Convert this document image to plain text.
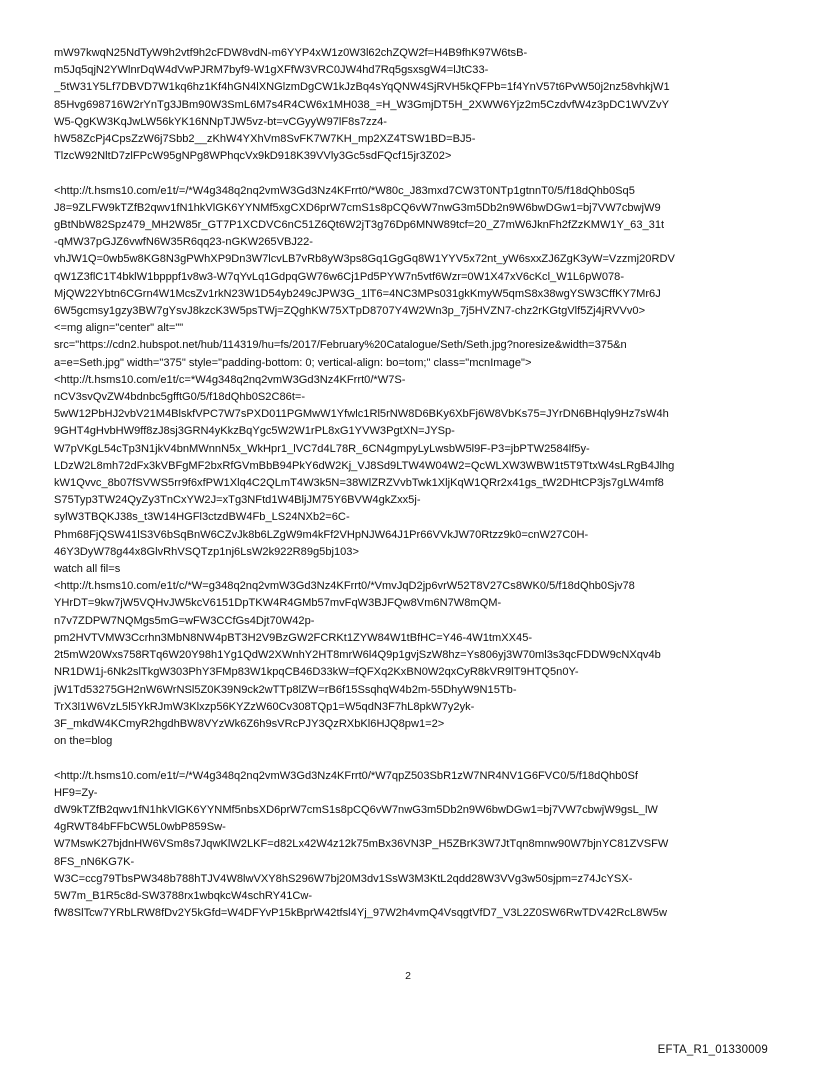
mW97kwqN25NdTyW9h2vtf9h2cFDW8vdN-m6YYP4xW1z0W3l62chZQW2f=H4B9fhK97W6tsB-
m5Jq5qjN2YWlnrDqW4dVwPJRM7byf9-W1gXFfW3VRC0JW4hd7Rq5gsxsgW4=lJtC33-
_5tW31Y5Lf7DBVD7W1kq6hz1Kf4hGN4lXNGlzmDgCW1kJzBq4sYqQNW4SjRVH5kQFPb=1f4YnV57t6PvW50j2nz58vhkjW1
85Hvg698716W2rYnTg3JBm90W3SmL6M7s4R4CW6x1MH038_=H_W3GmjDT5H_2XWW6Yjz2m5CzdvfW4z3pDC1WVZvY
W5-QgKW3KqJwLW56kYK16NNpTJW5vz-bt=vCGyyW97lF8s7zz4-
hW58ZcPj4CpsZzW6j7Sbb2__zKhW4YXhVm8SvFK7W7KH_mp2XZ4TSW1BD=BJ5-
TlzcW92NltD7zlFPcW95gNPg8WPhqcVx9kD918K39VVly3Gc5sdFQcf15jr3Z02>
<http://t.hsms10.com/e1t/=/*W4g348q2nq2vmW3Gd3Nz4KFrrt0/*W80c_J83mxd7CW3T0NTp1gtnnT0/5/f18dQhb0Sq5
J8=9ZLFW9kTZfB2qwv1fN1hkVlGK6YYNMf5xgCXD6prW7cmS1s8pCQ6vW7nwG3m5Db2n9W6bwDGw1=bj7VW7cbwjW9
gBtNbW82Spz479_MH2W85r_GT7P1XCDVC6nC51Z6Qt6W2jT3g76Dp6MNW89tcf=20_Z7mW6JknFh2fZzKMW1Y_63_31t
-qMW37pGJZ6vwfN6W35R6qq23-nGKW265VBJ22-
vhJW1Q=0wb5w8KG8N3gPWhXP9Dn3W7lcvLB7vRb8yW3ps8Gq1GgGq8W1YYV5x72nt_yW6sxxZJ6ZgK3yW=Vzzmj20RDV
qW1Z3flC1T4bklW1bpppf1v8w3-W7qYvLq1GdpqGW76w6Cj1Pd5PYW7n5vtf6Wzr=0W1X47xV6cKcl_W1L6pW078-
MjQW22Ybtn6CGrn4W1McsZv1rkN23W1D54yb249cJPW3G_1lT6=4NC3MPs031gkKmyW5qmS8x38wgYSW3CffKY7Mr6J
6W5gcmsy1gzy3BW7gYsvJ8kzcK3W5psTWj=ZQghKW75XTpD8707Y4W2Wn3p_7j5HVZN7-chz2rKGtgVlf5Zj4jRVVv0>
<=mg align="center" alt=""
src="https://cdn2.hubspot.net/hub/114319/hu=fs/2017/February%20Catalogue/Seth/Seth.jpg?noresize&width=375&n
a=e=Seth.jpg" width="375" style="padding-bottom: 0; vertical-align: bo=tom;" class="mcnImage">
<http://t.hsms10.com/e1t/c=*W4g348q2nq2vmW3Gd3Nz4KFrrt0/*W7S-
nCV3svQvZW4bdnbc5gfftG0/5/f18dQhb0S2C86t=-
5wW12PbHJ2vbV21M4BlskfVPC7W7sPXD011PGMwW1Yfwlc1Rl5rNW8D6BKy6XbFj6W8VbKs75=JYrDN6BHqly9Hz7sW4h
9GHT4gHvbHW9ff8zJ8sj3GRN4yKkzBqYgc5W2W1rPL8xG1YVW3PgtXN=JYSp-
W7pVKgL54cTp3N1jkV4bnMWnnN5x_WkHpr1_lVC7d4L78R_6CN4gmpyLyLwsbW5l9F-P3=jbPTW2584lf5y-
LDzW2L8mh72dFx3kVBFgMF2bxRfGVmBbB94PkY6dW2Kj_VJ8Sd9LTW4W04W2=QcWLXW3WBW1t5T9TtxW4sLRgB4Jlhg
kW1Qvvc_8b07fSVWS5rr9f6xfPW1Xlq4C2QLmT4W3k5N=38WlZRZVvbTwk1XljKqW1QRr2x41gs_tW2DHtCP3js7gLW4mf8
S75Typ3TW24QyZy3TnCxYW2J=xTg3NFtd1W4BljJM75Y6BVW4gkZxx5j-
sylW3TBQKJ38s_t3W14HGFl3ctzdBW4Fb_LS24NXb2=6C-
Phm68FjQSW41lS3V6bSqBnW6CZvJk8b6LZgW9m4kFf2VHpNJW64J1Pr66VVkJW70Rtzz9k0=cnW27C0H-
46Y3DyW78g44x8GlvRhVSQTzp1nj6LsW2k922R89g5bj103>
watch all fil=s
<http://t.hsms10.com/e1t/c/*W=g348q2nq2vmW3Gd3Nz4KFrrt0/*VmvJqD2jp6vrW52T8V27Cs8WK0/5/f18dQhb0Sjv78
YHrDT=9kw7jW5VQHvJW5kcV6151DpTKW4R4GMb57mvFqW3BJFQw8Vm6N7W8mQM-
n7v7ZDPW7NQMgs5mG=wFW3CCfGs4Djt70W42p-
pm2HVTVMW3Ccrhn3MbN8NW4pBT3H2V9BzGW2FCRKt1ZYW84W1tBfHC=Y46-4W1tmXX45-
2t5mW20Wxs758RTq6W20Y98h1Yg1QdW2XWnhY2HT8mrW6l4Q9p1gvjSzW8hz=Ys806yj3W70ml3s3qcFDDW9cNXqv4b
NR1DW1j-6Nk2slTkgW303PhY3FMp83W1kpqCB46D33kW=fQFXq2KxBN0W2qxCyR8kVR9lT9HTQ5n0Y-
jW1Td53275GH2nW6WrNSl5Z0K39N9ck2wTTp8lZW=rB6f15SsqhqW4b2m-55DhyW9N15Tb-
TrX3l1W6VzL5l5YkRJmW3Klxzp56KYZzW60Cv308TQp1=W5qdN3F7hL8pkW7y2yk-
3F_mkdW4KCmyR2hgdhBW8VYzWk6Z6h9sVRcPJY3QzRXbKl6HJQ8pw1=2>
on the=blog
<http://t.hsms10.com/e1t/=/*W4g348q2nq2vmW3Gd3Nz4KFrrt0/*W7qpZ503SbR1zW7NR4NV1G6FVC0/5/f18dQhb0Sf
HF9=Zy-
dW9kTZfB2qwv1fN1hkVlGK6YYNMf5nbsXD6prW7cmS1s8pCQ6vW7nwG3m5Db2n9W6bwDGw1=bj7VW7cbwjW9gsL_lW
4gRWT84bFFbCW5L0wbP859Sw-
W7MswK27bjdnHW6VSm8s7JqwKlW2LKF=d82Lx42W4z12k75mBx36VN3P_H5ZBrK3W7JtTqn8mnw90W7bjnYC81ZVSFW
8FS_nN6KG7K-
W3C=ccg79TbsPW348b788hTJV4W8lwVXY8hS296W7bj20M3dv1SsW3M3KtL2qdd28W3VVg3w50sjpm=z74JcYSX-
5W7m_B1R5c8d-SW3788rx1wbqkcW4schRY41Cw-
fW8SlTcw7YRbLRW8fDv2Y5kGfd=W4DFYvP15kBprW42tfsl4Yj_97W2h4vmQ4VsqgtVfD7_V3L2Z0SW6RwTDV42RcL8W5w
2
EFTA_R1_01330009
